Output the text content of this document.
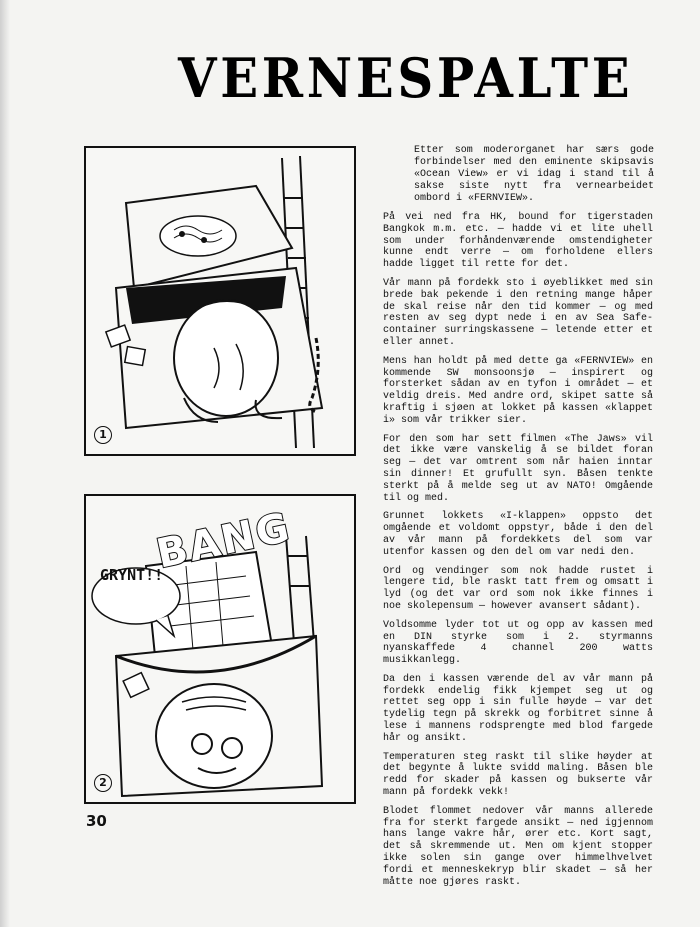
VERNESPALTE

Etter som moderorganet har særs gode forbindelser med den eminente skipsavis «Ocean View» er vi idag i stand til å sakse siste nytt fra vernearbeidet ombord i «FERNVIEW».

1
BANG
GRYNT!!
2

30

På vei ned fra HK, bound for tigerstaden Bangkok m.m. etc. — hadde vi et lite uhell som under forhåndenværende omstendigheter kunne endt verre — om forholdene ellers hadde ligget til rette for det.

Vår mann på fordekk sto i øyeblikket med sin brede bak pekende i den retning mange håper de skal reise når den tid kommer — og med resten av seg dypt nede i en av Sea Safe-container surringskassene — letende etter et eller annet.

Mens han holdt på med dette ga «FERNVIEW» en kommende SW monsoonsjø — inspirert og forsterket sådan av en tyfon i området — et veldig dreis. Med andre ord, skipet satte så kraftig i sjøen at lokket på kassen «klappet i» som vår trikker sier.

For den som har sett filmen «The Jaws» vil det ikke være vanskelig å se bildet foran seg — det var omtrent som når haien inntar sin dinner! Et grufullt syn. Båsen tenkte sterkt på å melde seg ut av NATO! Omgående til og med.

Grunnet lokkets «I-klappen» oppsto det omgående et voldomt oppstyr, både i den del av vår mann på fordekkets del som var utenfor kassen og den del om var nedi den.

Ord og vendinger som nok hadde rustet i lengere tid, ble raskt tatt frem og omsatt i lyd (og det var ord som nok ikke finnes i noe skolepensum — however avansert sådant).

Voldsomme lyder tot ut og opp av kassen med en DIN styrke som i 2. styrmanns nyanskaffede 4 channel 200 watts musikkanlegg.

Da den i kassen værende del av vår mann på fordekk endelig fikk kjempet seg ut og rettet seg opp i sin fulle høyde — var det tydelig tegn på skrekk og forbitret sinne å lese i mannens rodsprengte med blod fargede hår og ansikt.

Temperaturen steg raskt til slike høyder at det begynte å lukte svidd maling. Båsen ble redd for skader på kassen og bukserte vår mann på fordekk vekk!

Blodet flommet nedover vår manns allerede fra for sterkt fargede ansikt — ned igjennom hans lange vakre hår, ører etc. Kort sagt, det så skremmende ut. Men om kjent stopper ikke solen sin gange over himmelhvelvet fordi et menneskekryp blir skadet — så her måtte noe gjøres raskt.
